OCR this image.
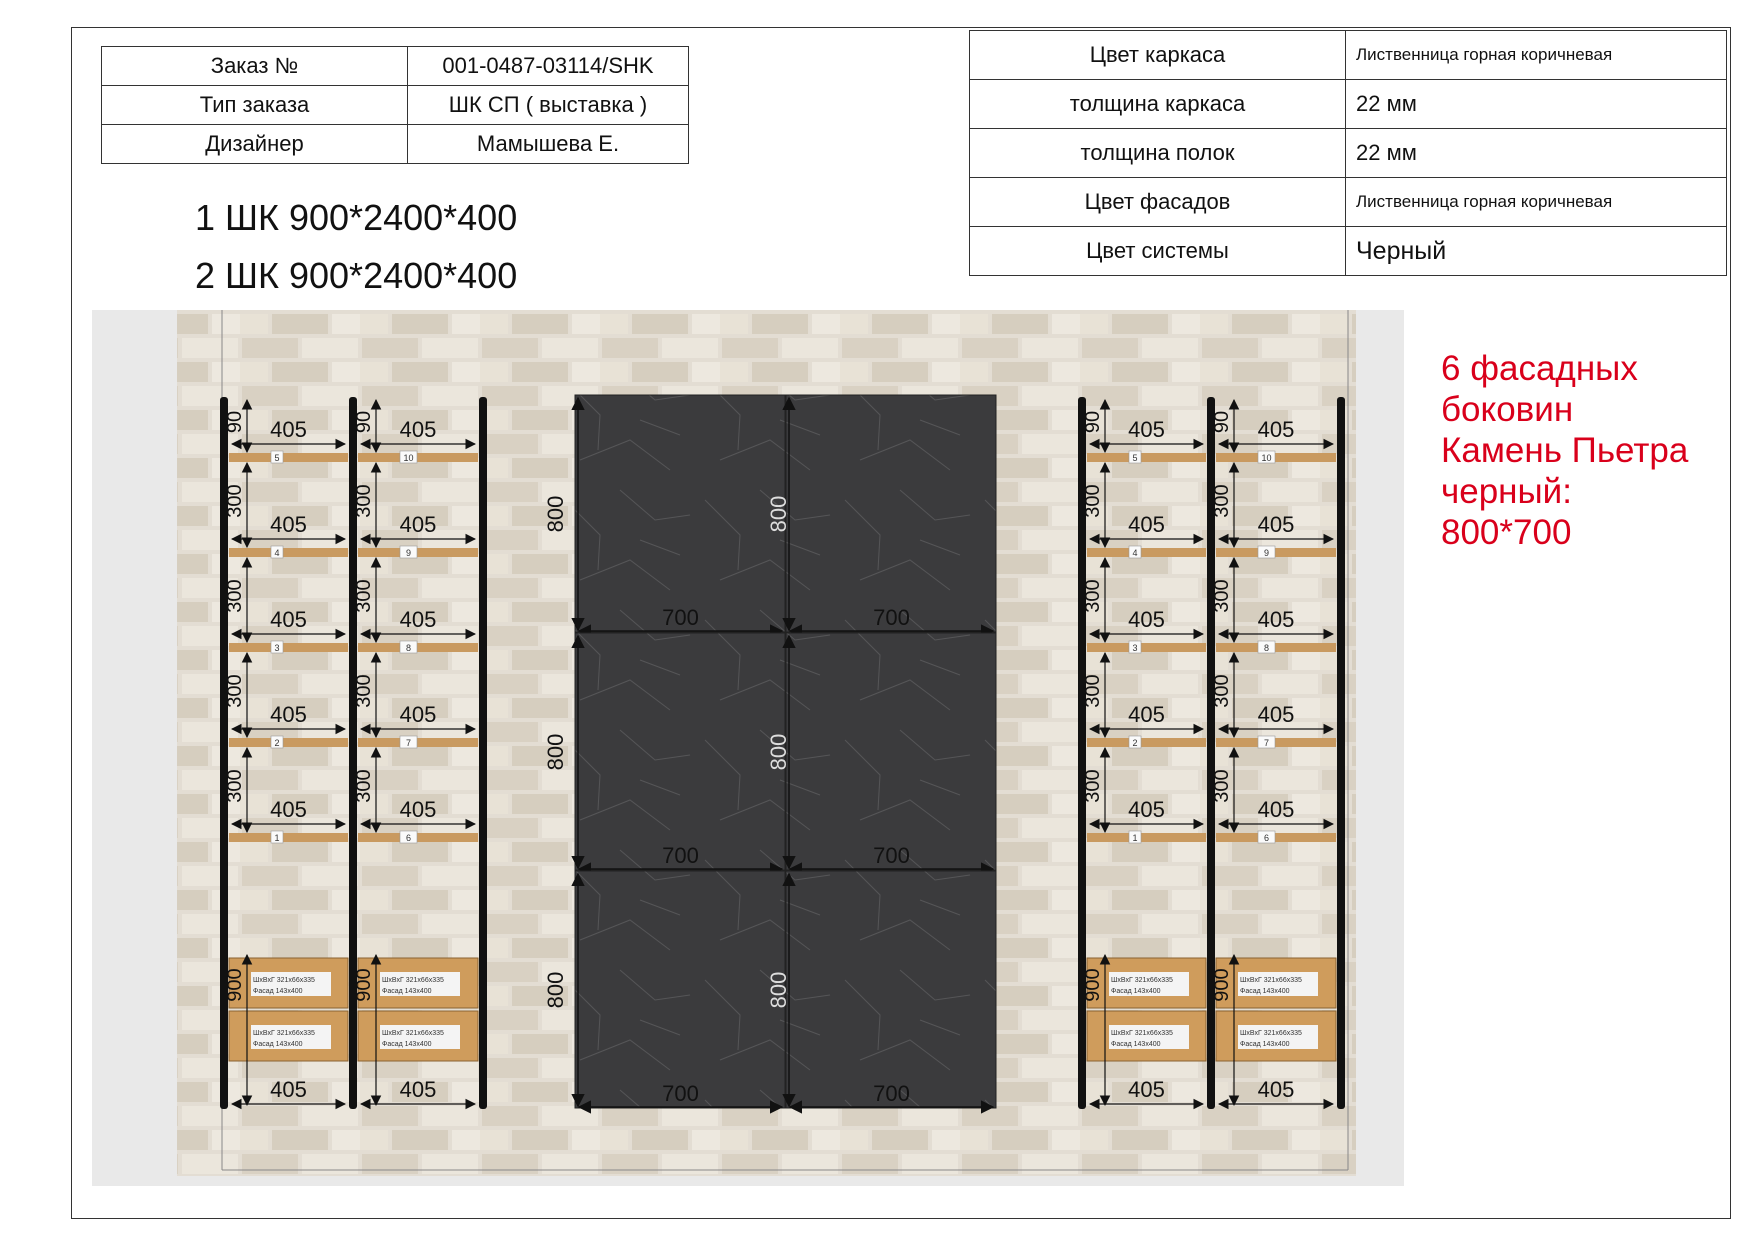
Заказ №	001-0487-03114/SHK
Тип заказа	ШК СП ( выставка )
Дизайнер	Мамышева Е.
Цвет каркаса	Лиственница горная коричневая
толщина каркаса	22 мм
толщина полок	22 мм
Цвет фасадов	Лиственница горная коричневая
Цвет системы	Черный
1 ШК 900*2400*400
2 ШК 900*2400*400
6 фасадных
боковин
Камень Пьетра
черный:
800*700
800
700
800
700
800
700
800
700
800
700
800
700
5
405
90
4
405
300
3
405
300
2
405
300
1
405
300
ШхВхГ 321х66х335
Фасад 143х400
ШхВхГ 321х66х335
Фасад 143х400
900
405
10
405
90
9
405
300
8
405
300
7
405
300
6
405
300
ШхВхГ 321х66х335
Фасад 143х400
ШхВхГ 321х66х335
Фасад 143х400
900
405
5
405
90
4
405
300
3
405
300
2
405
300
1
405
300
ШхВхГ 321х66х335
Фасад 143х400
ШхВхГ 321х66х335
Фасад 143х400
900
405
10
405
90
9
405
300
8
405
300
7
405
300
6
405
300
ШхВхГ 321х66х335
Фасад 143х400
ШхВхГ 321х66х335
Фасад 143х400
900
405
